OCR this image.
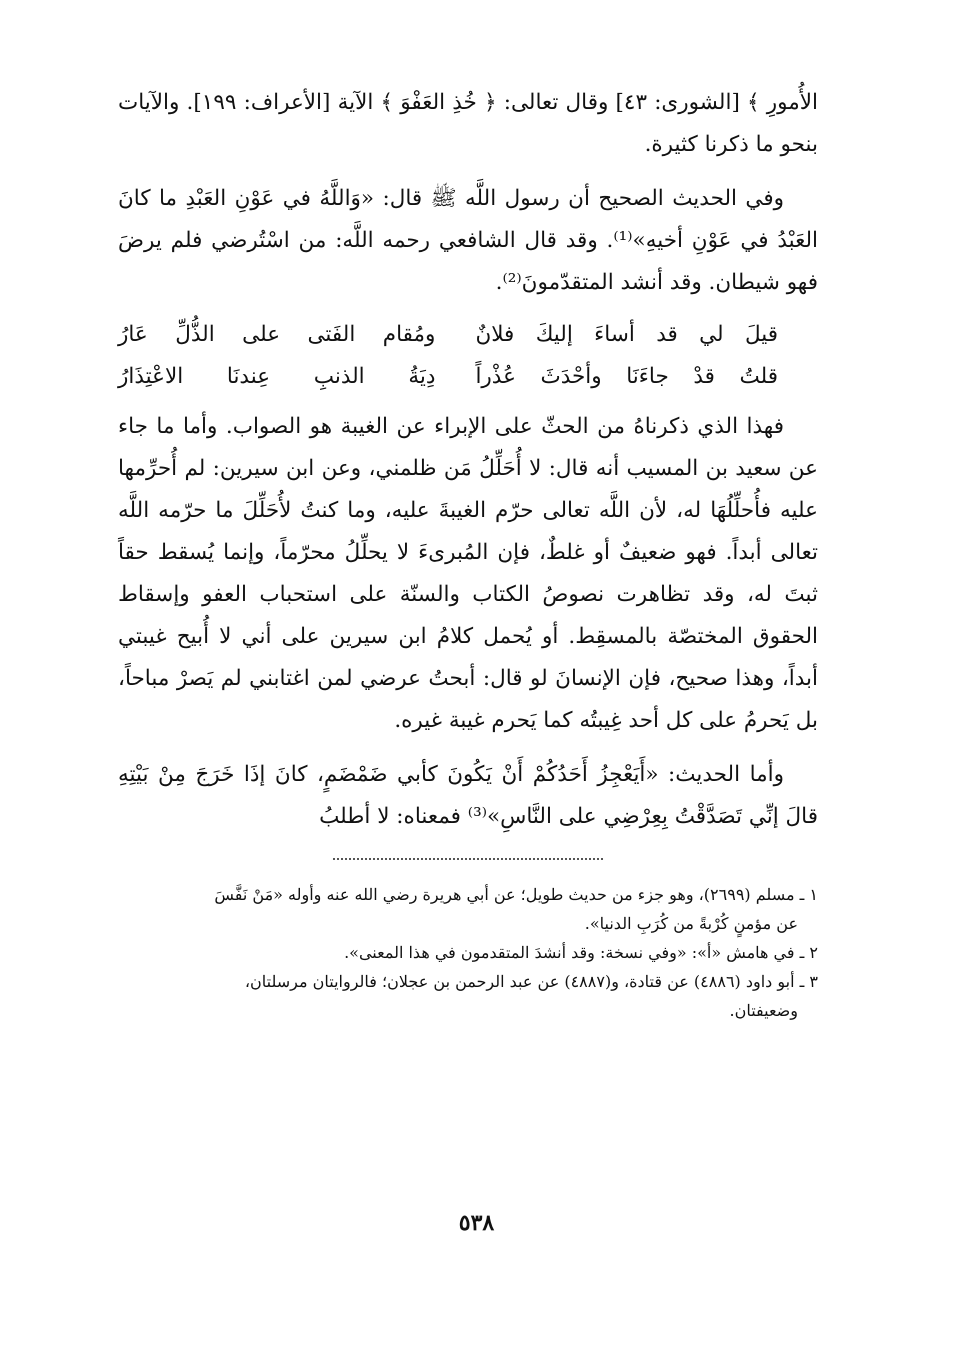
الأُمورِ ﴾ [الشورى: ٤٣] وقال تعالى: ﴿ خُذِ العَفْوَ ﴾ الآية [الأعراف: ١٩٩]. والآيات بنحو ما ذكرنا كثيرة.

وفي الحديث الصحيح أن رسول اللَّه ﷺ قال: «وَاللَّهُ في عَوْنِ العَبْدِ ما كانَ العَبْدُ في عَوْنِ أخيهِ»⁽¹⁾. وقد قال الشافعي رحمه اللَّه: من اسْتُرضي فلم يرضَ فهو شيطان. وقد أنشد المتقدّمونَ⁽²⁾.

قيلَ لي قد أساءَ إليكَ فلانٌ
ومُقام الفَتى على الذُّلِّ عَارُ
قلتُ قدْ جاءَنَا وأحْدَثَ عُذْراً
دِيَةُ الذنبِ عِندنَا الاعْتِذَارُ

فهذا الذي ذكرناهُ من الحثّ على الإبراء عن الغيبة هو الصواب. وأما ما جاء عن سعيد بن المسيب أنه قال: لا أُحَلِّلُ مَن ظلمني، وعن ابن سيرين: لم أُحرِّمها عليه فأُحلِّلُهَا له، لأن اللَّه تعالى حرّم الغيبةَ عليه، وما كنتُ لأُحَلِّلَ ما حرّمه اللَّه تعالى أبداً. فهو ضعيفٌ أو غلطٌ، فإن المُبرىءَ لا يحلِّلُ محرّماً، وإنما يُسقط حقاً ثبتَ له، وقد تظاهرت نصوصُ الكتاب والسنّة على استحباب العفو وإسقاط الحقوق المختصّة بالمسقِط. أو يُحمل كلامُ ابن سيرين على أني لا أُبيح غيبتي أبداً، وهذا صحيح، فإن الإنسانَ لو قال: أبحتُ عرضي لمن اغتابني لم يَصرْ مباحاً، بل يَحرمُ على كل أحد غِيبتُه كما يَحرم غيبة غيره.

وأما الحديث: «أَيَعْجِزُ أَحَدُكُمْ أَنْ يَكُونَ كأبي ضَمْضَمٍ، كانَ إذَا خَرَجَ مِنْ بَيْتِهِ قالَ إنِّي تَصَدَّقْتُ بِعِرْضِي على النَّاسِ»⁽³⁾ فمعناه: لا أطلبُ

١ ـ مسلم (٢٦٩٩)، وهو جزء من حديث طويل؛ عن أبي هريرة رضي الله عنه وأوله «مَنْ نَفَّسَ

عن مؤمنٍ كُرْبةً من كُرَبِ الدنيا».

٢ ـ في هامش «أ»: «وفي نسخة: وقد أنشدَ المتقدمون في هذا المعنى».

٣ ـ أبو داود (٤٨٨٦) عن قتادة، و(٤٨٨٧) عن عبد الرحمن بن عجلان؛ فالروايتان مرسلتان،

وضعيفتان.

٥٣٨
